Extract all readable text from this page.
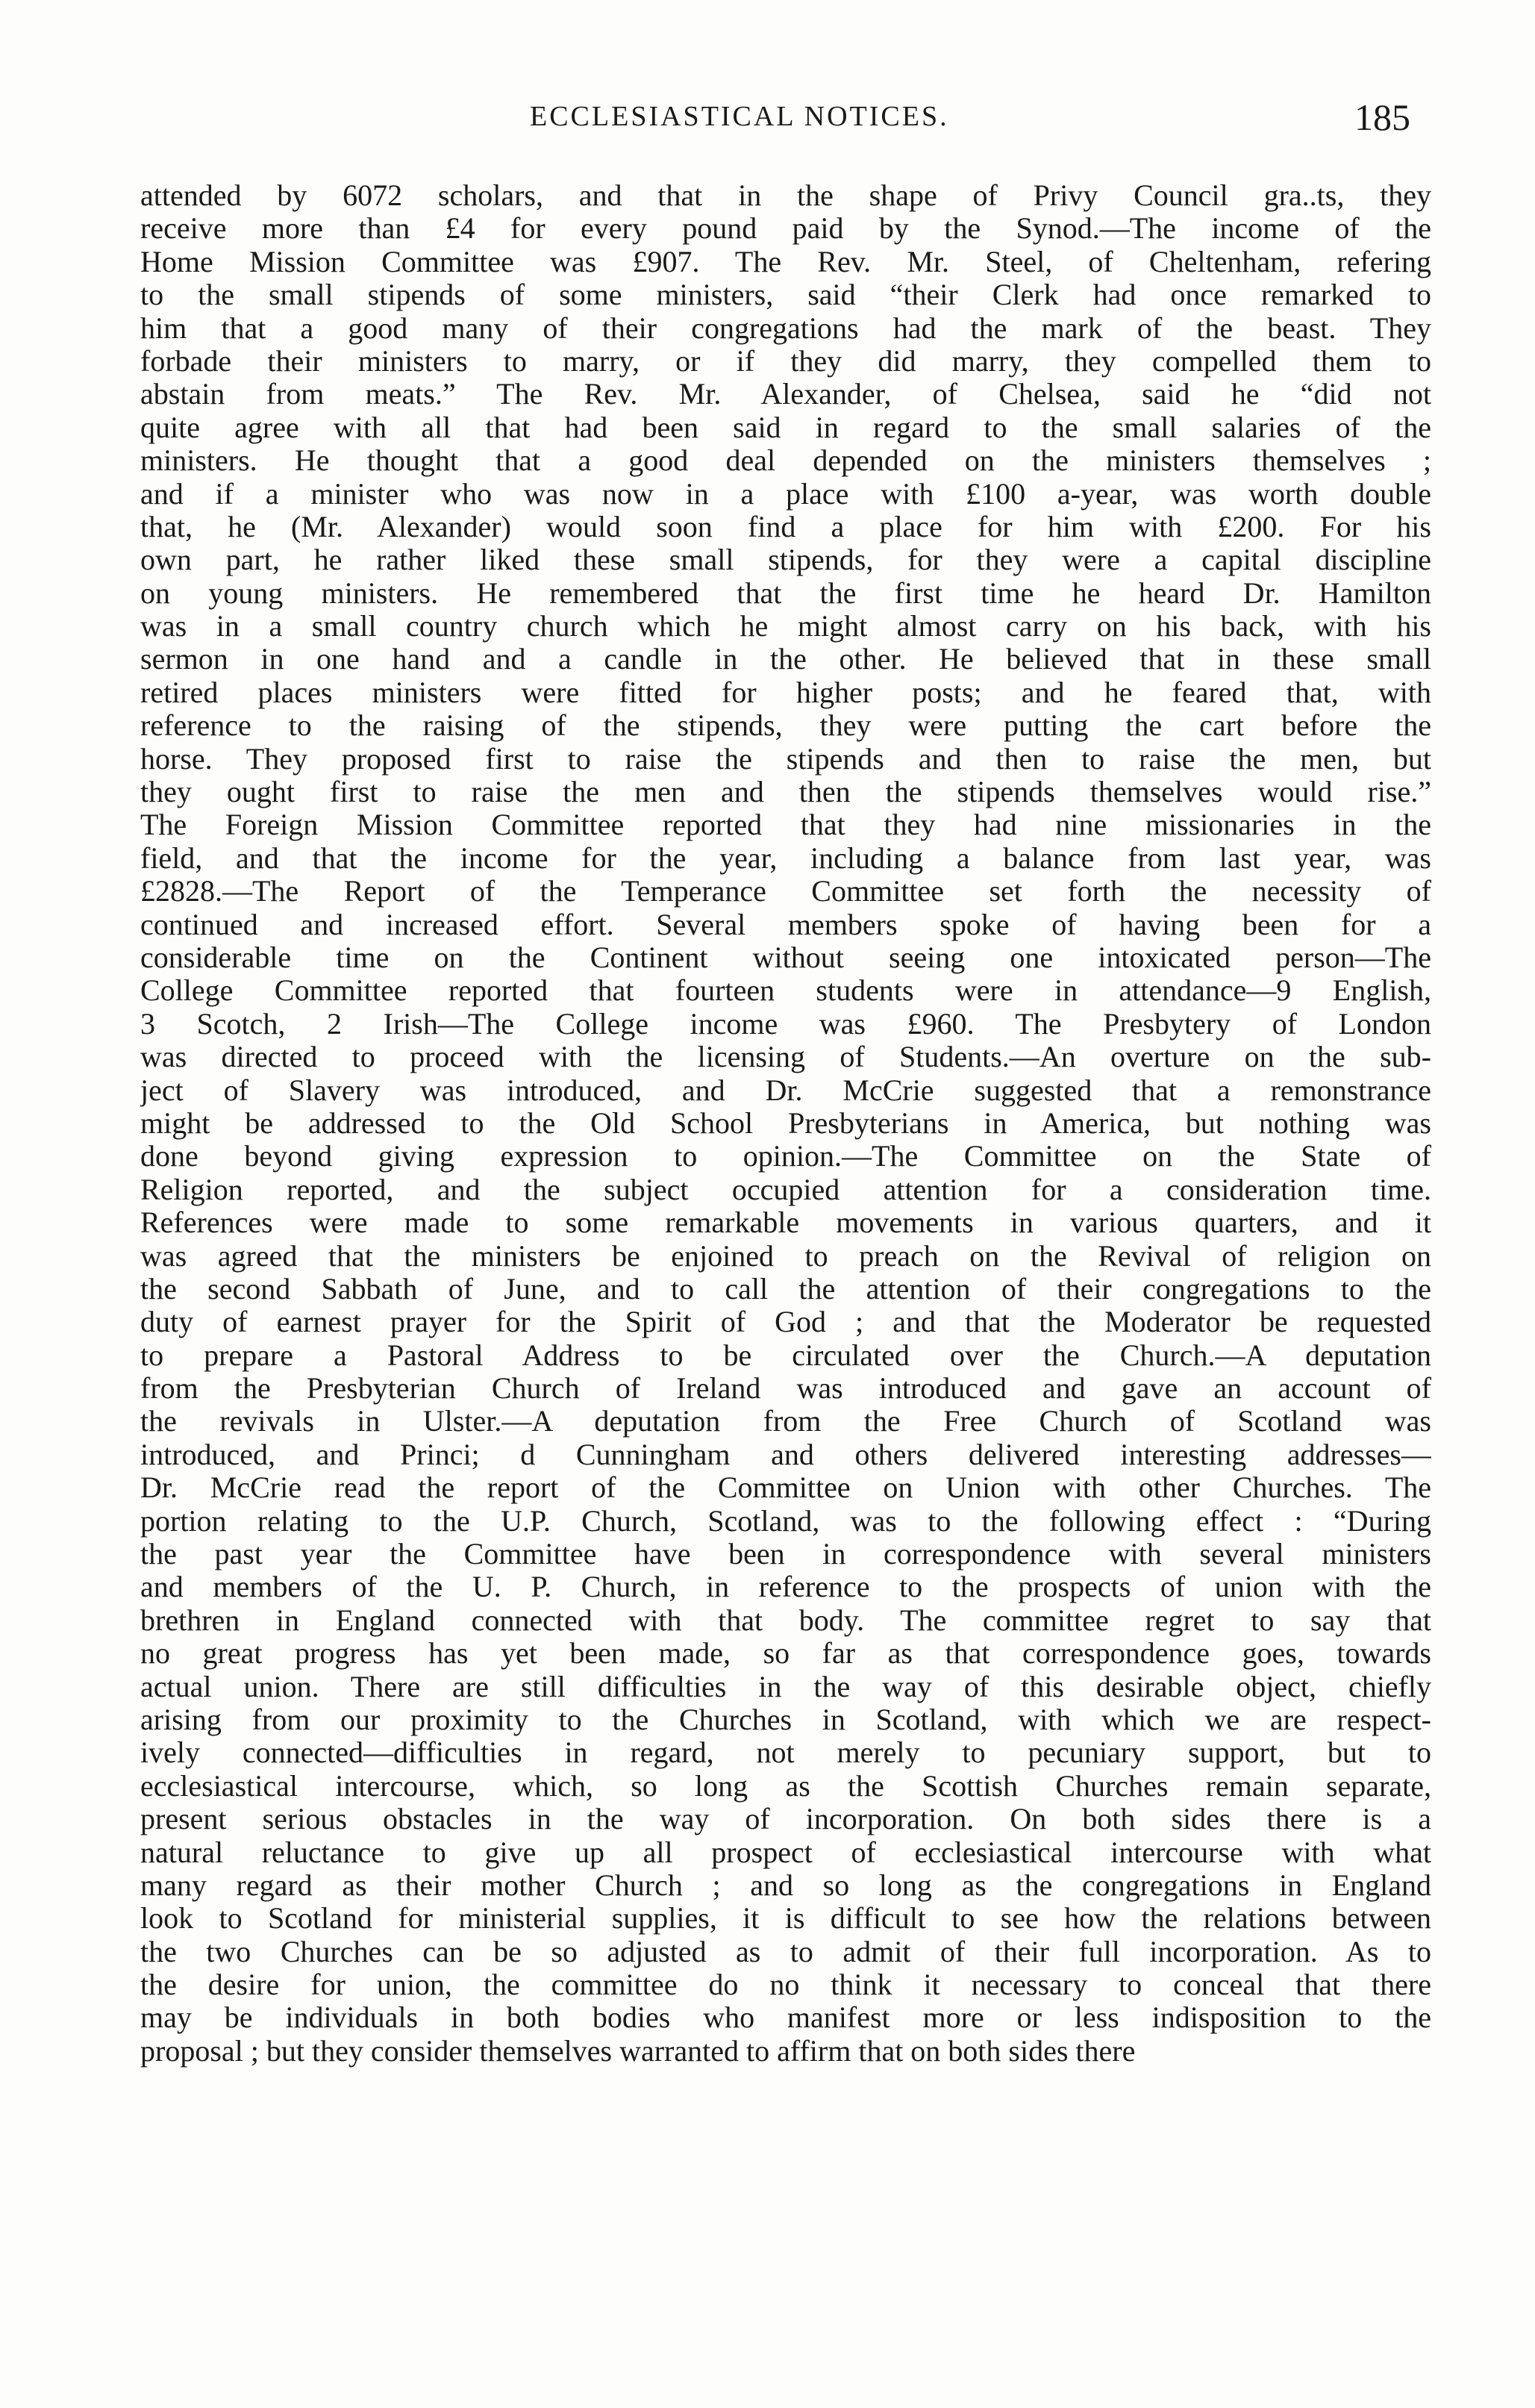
ECCLESIASTICAL NOTICES.	185
attended by 6072 scholars, and that in the shape of Privy Council gra..ts, they
receive more than £4 for every pound paid by the Synod.—The income of the
Home Mission Committee was £907. The Rev. Mr. Steel, of Cheltenham, refering
to the small stipends of some ministers, said “their Clerk had once remarked to
him that a good many of their congregations had the mark of the beast. They
forbade their ministers to marry, or if they did marry, they compelled them to
abstain from meats.” The Rev. Mr. Alexander, of Chelsea, said he “did not
quite agree with all that had been said in regard to the small salaries of the
ministers. He thought that a good deal depended on the ministers themselves ;
and if a minister who was now in a place with £100 a-year, was worth double
that, he (Mr. Alexander) would soon find a place for him with £200. For his
own part, he rather liked these small stipends, for they were a capital discipline
on young ministers. He remembered that the first time he heard Dr. Hamilton
was in a small country church which he might almost carry on his back, with his
sermon in one hand and a candle in the other. He believed that in these small
retired places ministers were fitted for higher posts; and he feared that, with
reference to the raising of the stipends, they were putting the cart before the
horse. They proposed first to raise the stipends and then to raise the men, but
they ought first to raise the men and then the stipends themselves would rise.”
The Foreign Mission Committee reported that they had nine missionaries in the
field, and that the income for the year, including a balance from last year, was
£2828.—The Report of the Temperance Committee set forth the necessity of
continued and increased effort. Several members spoke of having been for a
considerable time on the Continent without seeing one intoxicated person—The
College Committee reported that fourteen students were in attendance—9 English,
3 Scotch, 2 Irish—The College income was £960. The Presbytery of London
was directed to proceed with the licensing of Students.—An overture on the sub-
ject of Slavery was introduced, and Dr. McCrie suggested that a remonstrance
might be addressed to the Old School Presbyterians in America, but nothing was
done beyond giving expression to opinion.—The Committee on the State of
Religion reported, and the subject occupied attention for a consideration time.
References were made to some remarkable movements in various quarters, and it
was agreed that the ministers be enjoined to preach on the Revival of religion on
the second Sabbath of June, and to call the attention of their congregations to the
duty of earnest prayer for the Spirit of God ; and that the Moderator be requested
to prepare a Pastoral Address to be circulated over the Church.—A deputation
from the Presbyterian Church of Ireland was introduced and gave an account of
the revivals in Ulster.—A deputation from the Free Church of Scotland was
introduced, and Princi; d Cunningham and others delivered interesting addresses—
Dr. McCrie read the report of the Committee on Union with other Churches. The
portion relating to the U.P. Church, Scotland, was to the following effect : “During
the past year the Committee have been in correspondence with several ministers
and members of the U. P. Church, in reference to the prospects of union with the
brethren in England connected with that body. The committee regret to say that
no great progress has yet been made, so far as that correspondence goes, towards
actual union. There are still difficulties in the way of this desirable object, chiefly
arising from our proximity to the Churches in Scotland, with which we are respect-
ively connected—difficulties in regard, not merely to pecuniary support, but to
ecclesiastical intercourse, which, so long as the Scottish Churches remain separate,
present serious obstacles in the way of incorporation. On both sides there is a
natural reluctance to give up all prospect of ecclesiastical intercourse with what
many regard as their mother Church ; and so long as the congregations in England
look to Scotland for ministerial supplies, it is difficult to see how the relations between
the two Churches can be so adjusted as to admit of their full incorporation. As to
the desire for union, the committee do no think it necessary to conceal that there
may be individuals in both bodies who manifest more or less indisposition to the
proposal ; but they consider themselves warranted to affirm that on both sides there
